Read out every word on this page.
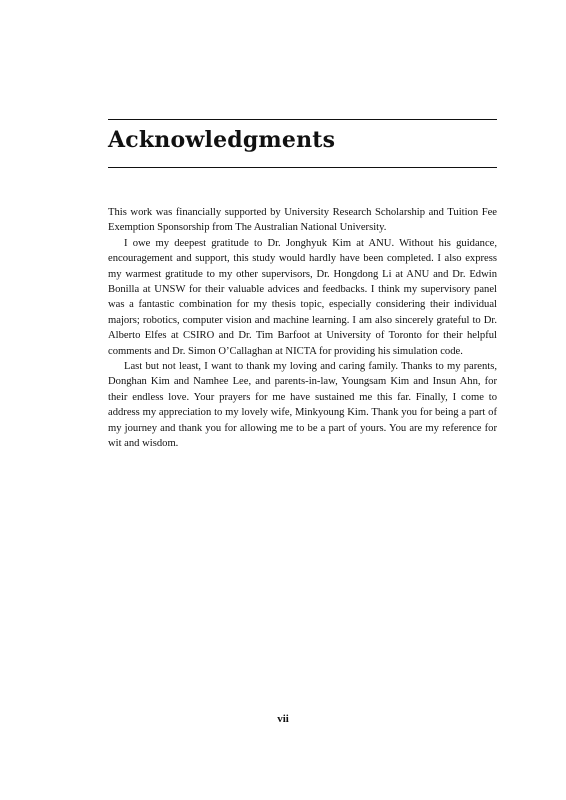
Acknowledgments

This work was financially supported by University Research Scholarship and Tuition Fee Exemption Sponsorship from The Australian National University.

I owe my deepest gratitude to Dr. Jonghyuk Kim at ANU. Without his guidance, encouragement and support, this study would hardly have been completed. I also express my warmest gratitude to my other supervisors, Dr. Hongdong Li at ANU and Dr. Edwin Bonilla at UNSW for their valuable advices and feedbacks. I think my supervisory panel was a fantastic combination for my thesis topic, especially considering their individual majors; robotics, computer vision and machine learning. I am also sincerely grateful to Dr. Alberto Elfes at CSIRO and Dr. Tim Barfoot at University of Toronto for their helpful comments and Dr. Simon O’Callaghan at NICTA for providing his simulation code.

Last but not least, I want to thank my loving and caring family. Thanks to my parents, Donghan Kim and Namhee Lee, and parents-in-law, Youngsam Kim and Insun Ahn, for their endless love. Your prayers for me have sustained me this far. Finally, I come to address my appreciation to my lovely wife, Minkyoung Kim. Thank you for being a part of my journey and thank you for allowing me to be a part of yours. You are my reference for wit and wisdom.

vii
